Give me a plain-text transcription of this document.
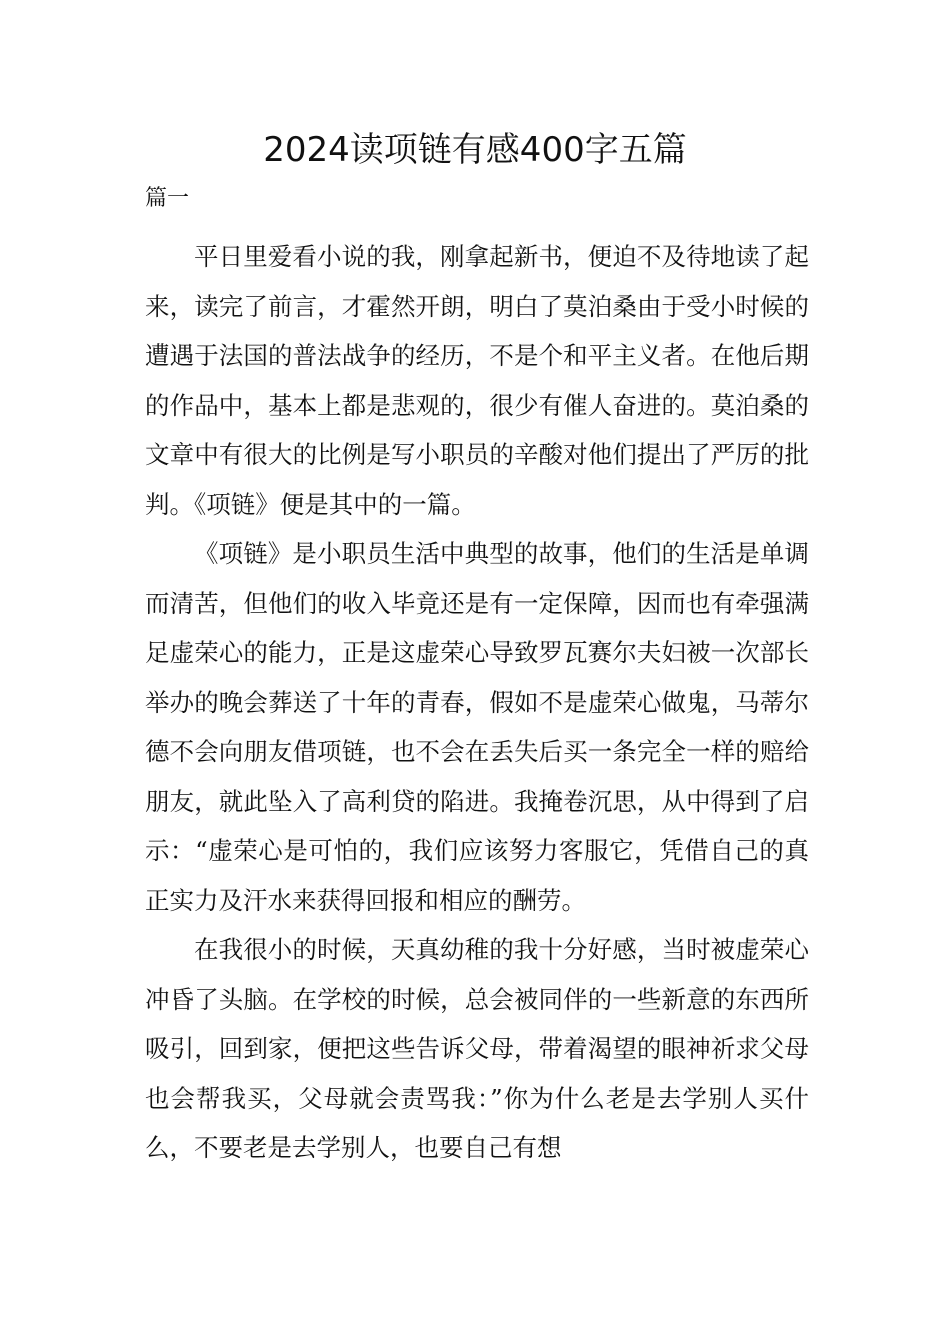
2024读项链有感400字五篇
篇一

平日里爱看小说的我，刚拿起新书，便迫不及待地读了起来，读完了前言，才霍然开朗，明白了莫泊桑由于受小时候的遭遇于法国的普法战争的经历，不是个和平主义者。在他后期的作品中，基本上都是悲观的，很少有催人奋进的。莫泊桑的文章中有很大的比例是写小职员的辛酸对他们提出了严厉的批判。《项链》便是其中的一篇。

《项链》是小职员生活中典型的故事，他们的生活是单调而清苦，但他们的收入毕竟还是有一定保障，因而也有牵强满足虚荣心的能力，正是这虚荣心导致罗瓦赛尔夫妇被一次部长举办的晚会葬送了十年的青春，假如不是虚荣心做鬼，马蒂尔德不会向朋友借项链，也不会在丢失后买一条完全一样的赔给朋友，就此坠入了高利贷的陷进。我掩卷沉思，从中得到了启示：“虚荣心是可怕的，我们应该努力客服它，凭借自己的真正实力及汗水来获得回报和相应的酬劳。

在我很小的时候，天真幼稚的我十分好感，当时被虚荣心冲昏了头脑。在学校的时候，总会被同伴的一些新意的东西所吸引，回到家，便把这些告诉父母，带着渴望的眼神祈求父母也会帮我买，父母就会责骂我：”你为什么老是去学别人买什么，不要老是去学别人，也要自己有想
